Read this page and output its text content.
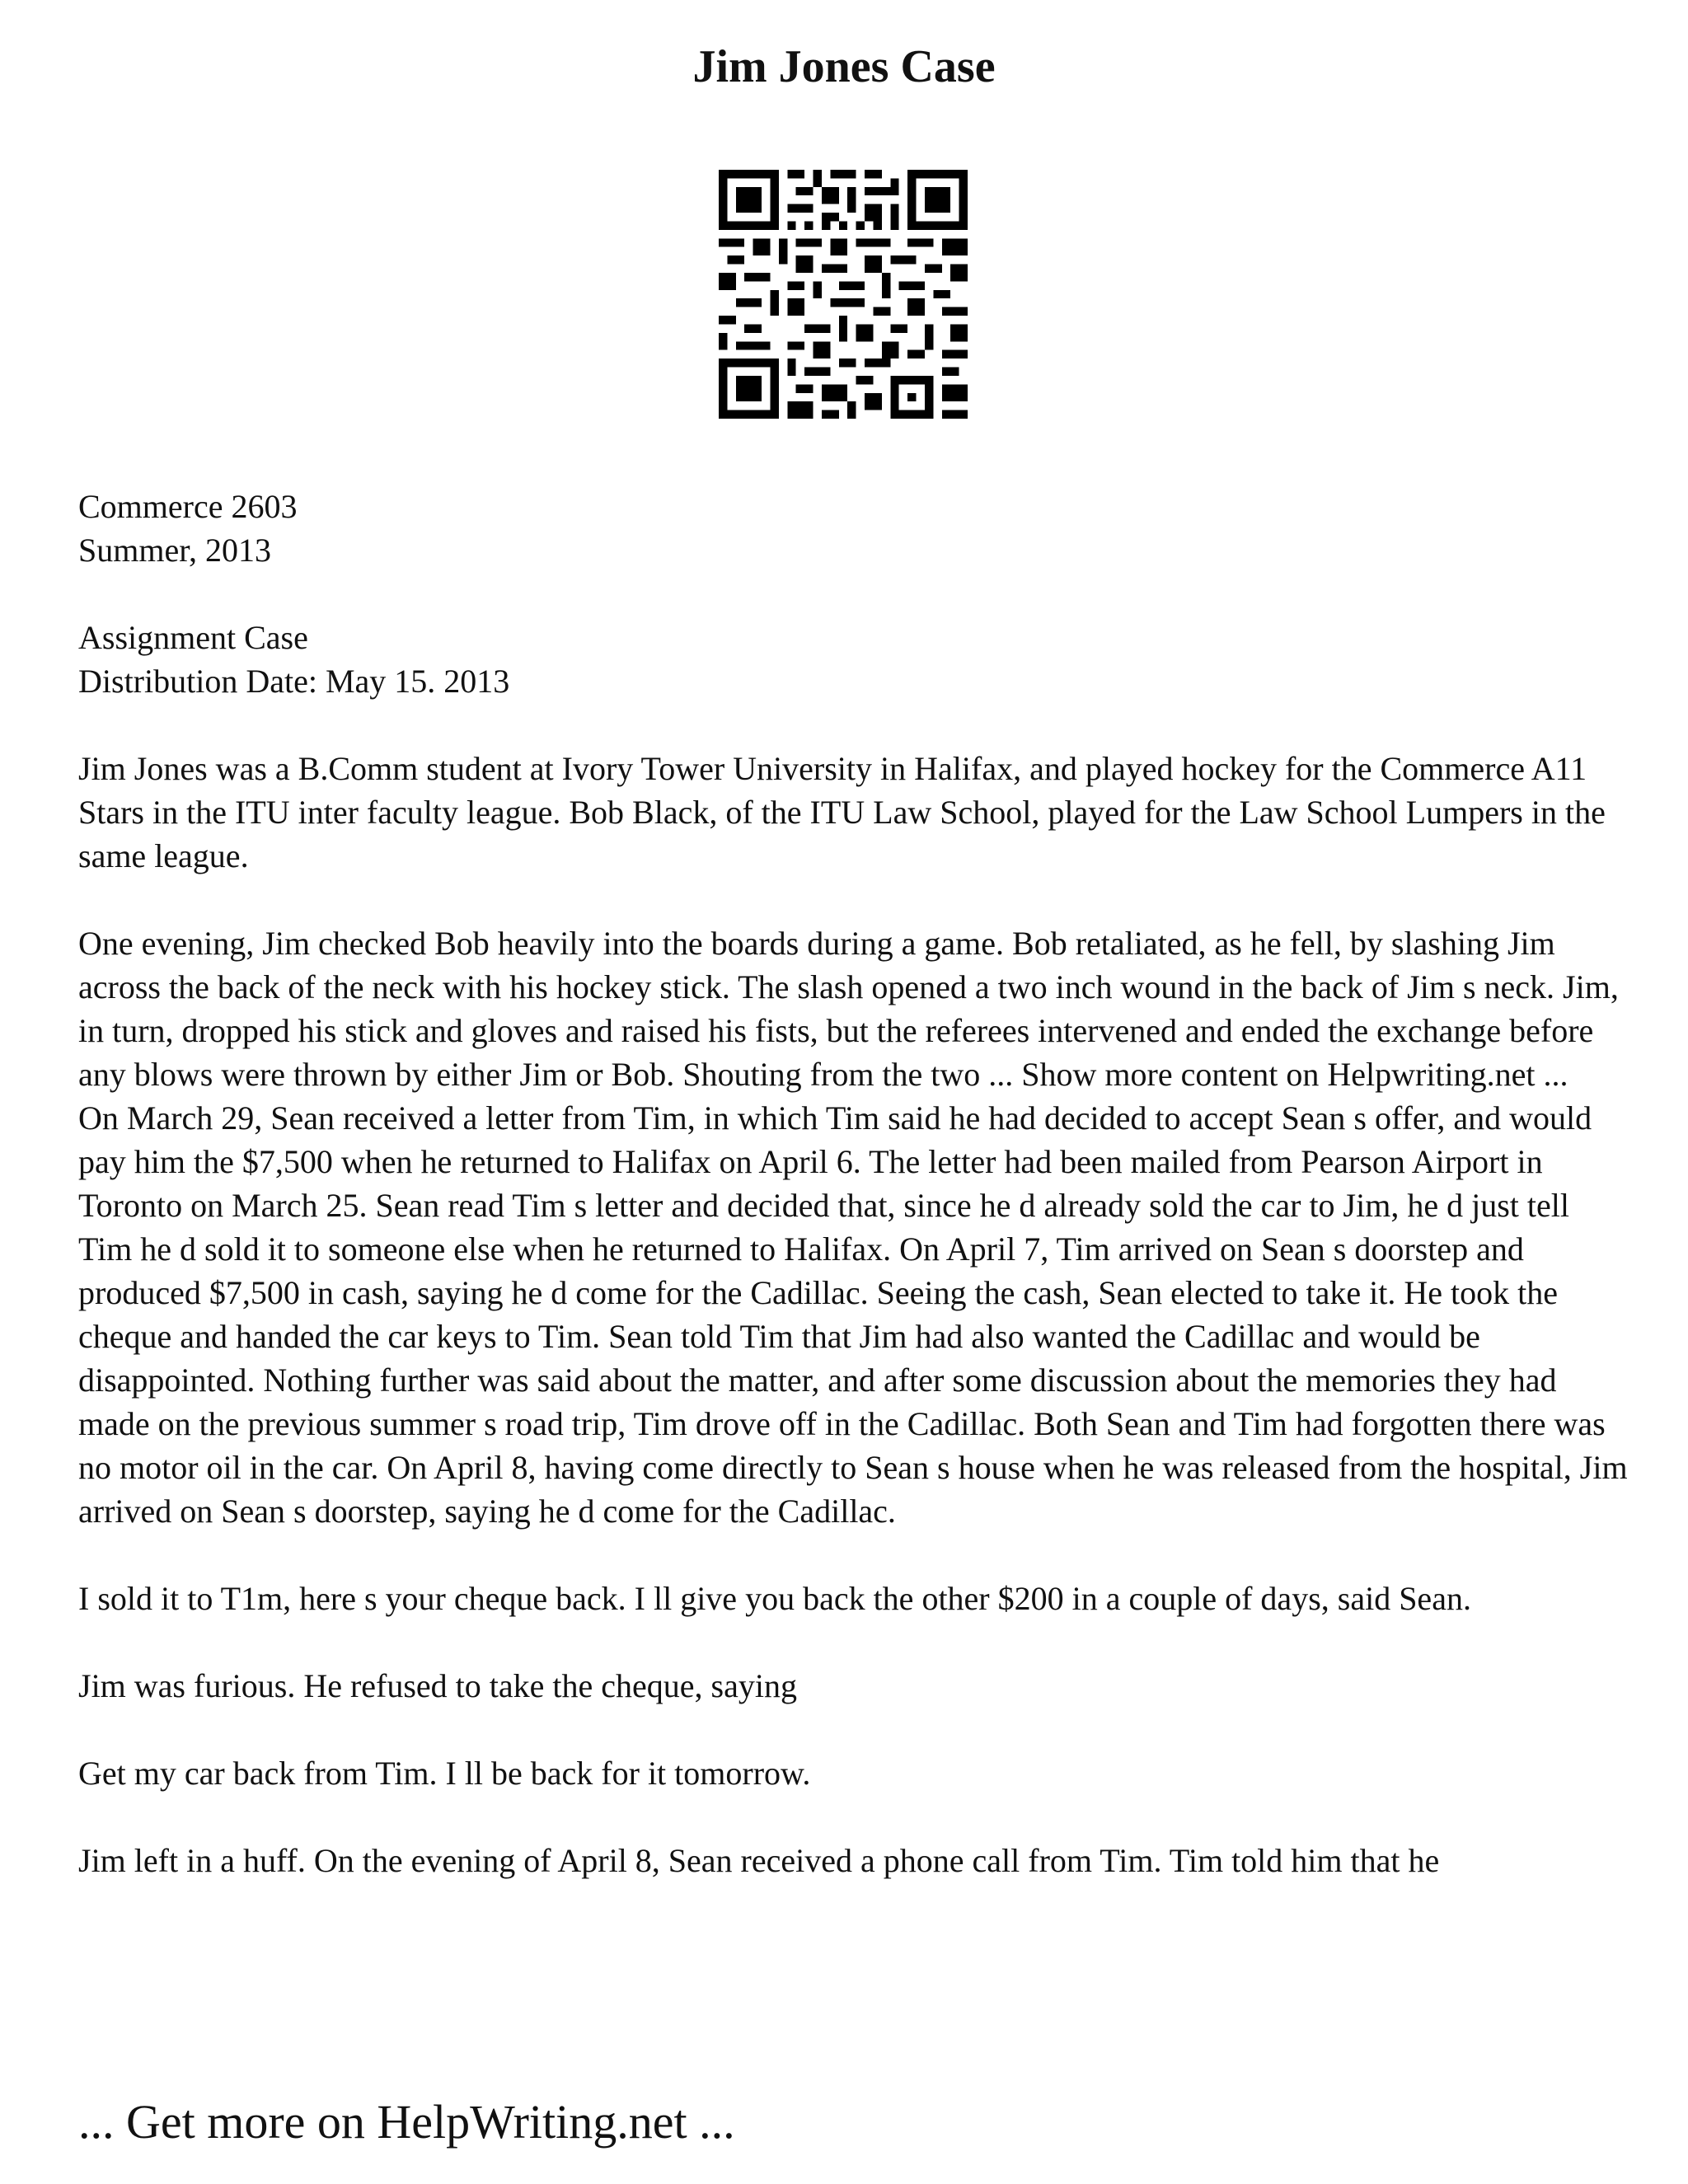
Jim Jones Case

Commerce 2603

Summer, 2013

Assignment Case

Distribution Date: May 15. 2013

Jim Jones was a B.Comm student at Ivory Tower University in Halifax, and played hockey for the Commerce A11 Stars in the ITU inter faculty league. Bob Black, of the ITU Law School, played for the Law School Lumpers in the same league.

One evening, Jim checked Bob heavily into the boards during a game. Bob retaliated, as he fell, by slashing Jim across the back of the neck with his hockey stick. The slash opened a two inch wound in the back of Jim s neck. Jim, in turn, dropped his stick and gloves and raised his fists, but the referees intervened and ended the exchange before any blows were thrown by either Jim or Bob. Shouting from the two ... Show more content on Helpwriting.net ...

On March 29, Sean received a letter from Tim, in which Tim said he had decided to accept Sean s offer, and would pay him the $7,500 when he returned to Halifax on April 6. The letter had been mailed from Pearson Airport in Toronto on March 25. Sean read Tim s letter and decided that, since he d already sold the car to Jim, he d just tell Tim he d sold it to someone else when he returned to Halifax. On April 7, Tim arrived on Sean s doorstep and produced $7,500 in cash, saying he d come for the Cadillac. Seeing the cash, Sean elected to take it. He took the cheque and handed the car keys to Tim. Sean told Tim that Jim had also wanted the Cadillac and would be disappointed. Nothing further was said about the matter, and after some discussion about the memories they had made on the previous summer s road trip, Tim drove off in the Cadillac. Both Sean and Tim had forgotten there was no motor oil in the car. On April 8, having come directly to Sean s house when he was released from the hospital, Jim arrived on Sean s doorstep, saying he d come for the Cadillac.

I sold it to T1m, here s your cheque back. I ll give you back the other $200 in a couple of days, said Sean.

Jim was furious. He refused to take the cheque, saying

Get my car back from Tim. I ll be back for it tomorrow.

Jim left in a huff. On the evening of April 8, Sean received a phone call from Tim. Tim told him that he

... Get more on HelpWriting.net ...
